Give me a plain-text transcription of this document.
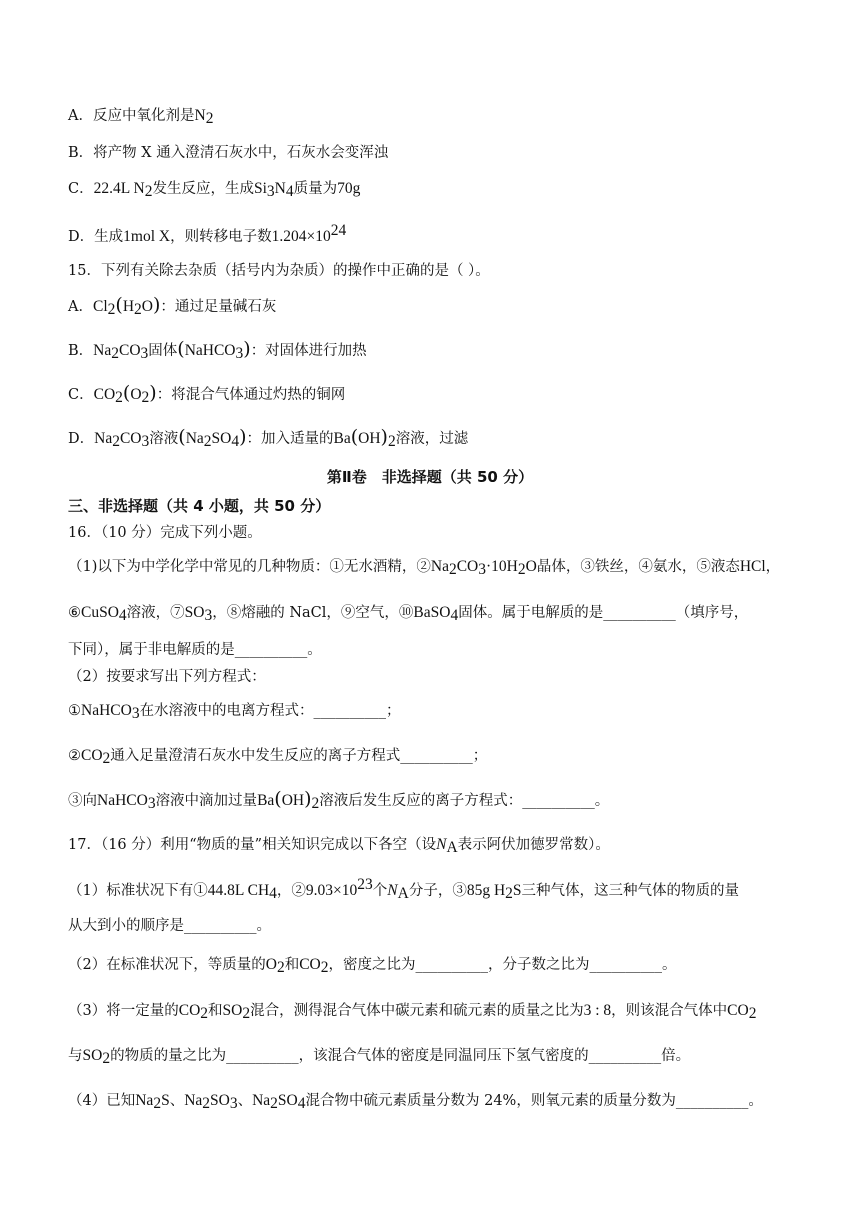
A．反应中氧化剂是$N_2$
B．将产物 X 通入澄清石灰水中，石灰水会变浑浊
C．22.4L $N_2$发生反应，生成$Si_3N_4$质量为70g
D．生成1mol X，则转移电子数$1.204\times 10^{24}$
15．下列有关除去杂质（括号内为杂质）的操作中正确的是（ ）。
A．$Cl_2(H_2O)$：通过足量碱石灰
B．$Na_2CO_3$固体(NaHCO$_3$)：对固体进行加热
C．$CO_2(O_2)$：将混合气体通过灼热的铜网
D．$Na_2CO_3$溶液$(Na_2SO_4)$：加入适量的$Ba(OH)_2$溶液，过滤
第Ⅱ卷　非选择题（共 50 分）
三、非选择题（共 4 小题，共 50 分）
16．（10 分）完成下列小题。
（1)以下为中学化学中常见的几种物质：①无水酒精，$②Na_2CO_3\cdot 10H_2O$晶体，③铁丝，④氨水，⑤液态HCl，
⑥CuSO$_4$溶液，$⑦SO_3$，⑧熔融的 NaCl，⑨空气，⑩BaSO$_4$固体。属于电解质的是__________（填序号，
下同），属于非电解质的是__________。
（2）按要求写出下列方程式：
①NaHCO$_3$在水溶液中的电离方程式：__________；
$②CO_2$通入足量澄清石灰水中发生反应的离子方程式__________；
③向NaHCO$_3$溶液中滴加过量$Ba(OH)_2$溶液后发生反应的离子方程式：__________。
17．（16 分）利用“物质的量”相关知识完成以下各空（设$N_A$表示阿伏加德罗常数）。
（1）标准状况下有①44.8L $CH_4$，$②9.03\times 10^{23}$个$N_A$分子，③85g $H_2S$三种气体，这三种气体的物质的量
从大到小的顺序是__________。
（2）在标准状况下，等质量的$O_2$和$CO_2$，密度之比为__________，分子数之比为__________。
（3）将一定量的$CO_2$和$SO_2$混合，测得混合气体中碳元素和硫元素的质量之比为3 : 8，则该混合气体中$CO_2$
与$SO_2$的物质的量之比为__________，该混合气体的密度是同温同压下氢气密度的__________倍。
（4）已知$Na_2S$、$Na_2SO_3$、$Na_2SO_4$混合物中硫元素质量分数为 24%，则氧元素的质量分数为__________。
